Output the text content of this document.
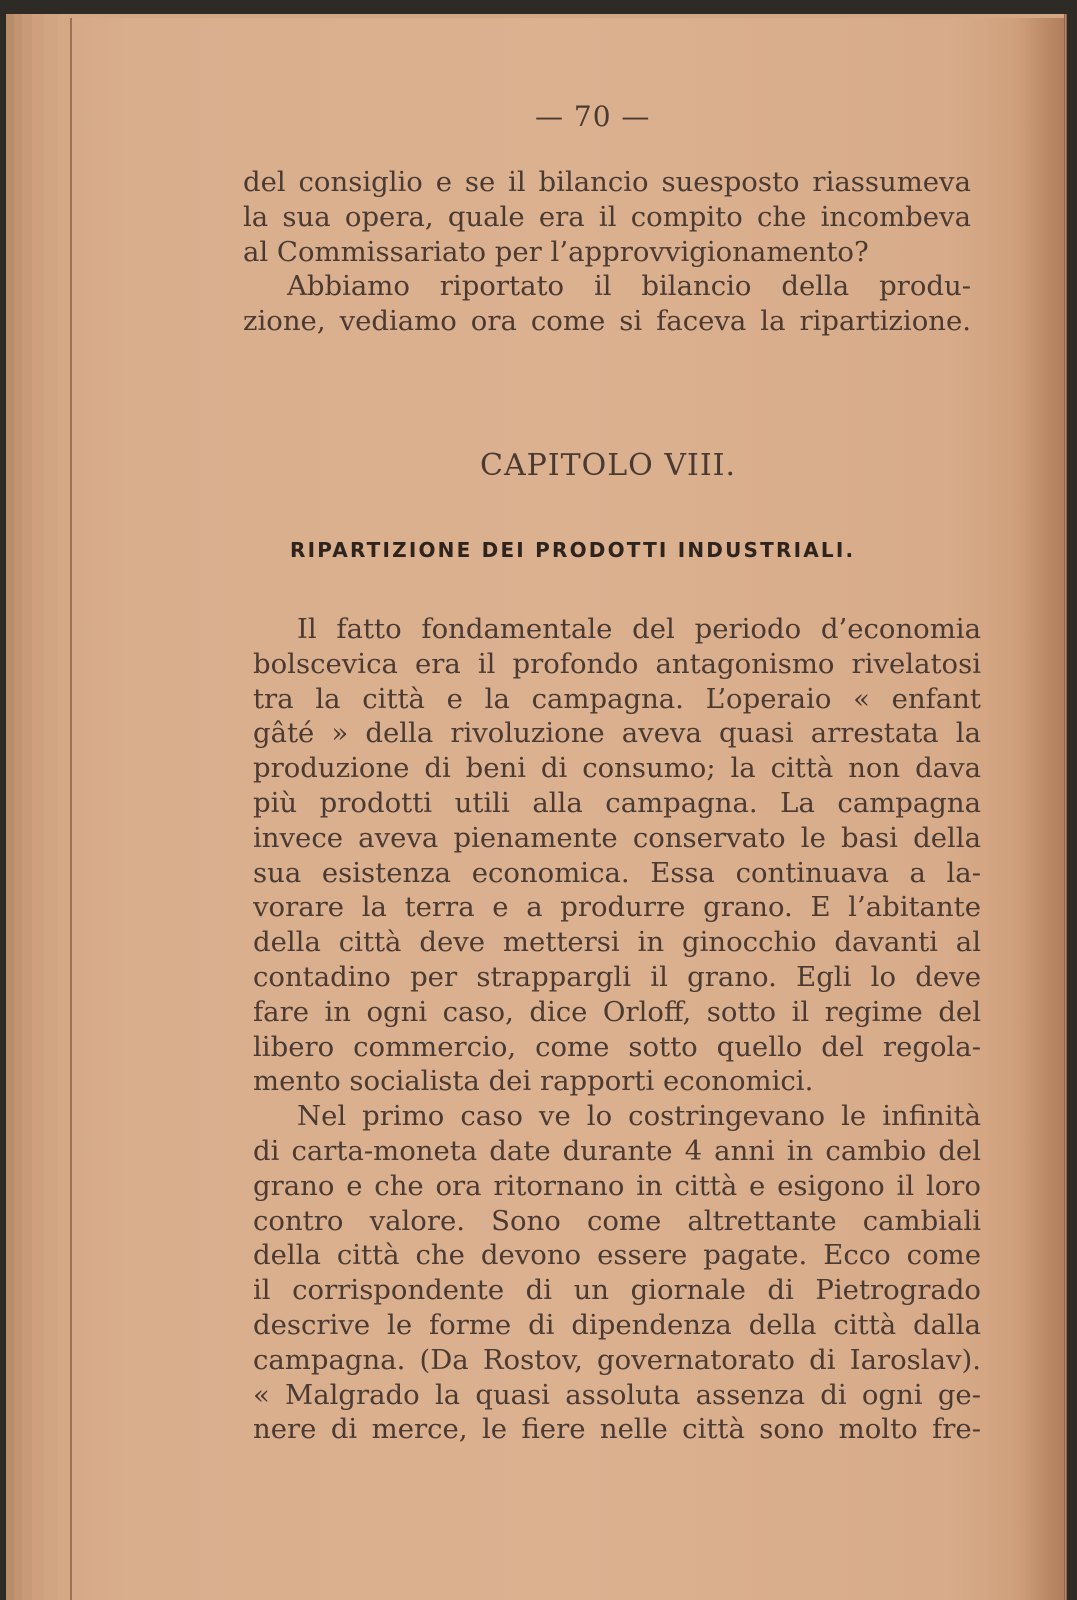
— 70 —
del consiglio e se il bilancio suesposto riassumeva
la sua opera, quale era il compito che incombeva
al Commissariato per l’approvvigionamento?
Abbiamo riportato il bilancio della produ-
zione, vediamo ora come si faceva la ripartizione.
CAPITOLO VIII.
RIPARTIZIONE DEI PRODOTTI INDUSTRIALI.
Il fatto fondamentale del periodo d’economia
bolscevica era il profondo antagonismo rivelatosi
tra la città e la campagna. L’operaio « enfant
gâté » della rivoluzione aveva quasi arrestata la
produzione di beni di consumo; la città non dava
più prodotti utili alla campagna. La campagna
invece aveva pienamente conservato le basi della
sua esistenza economica. Essa continuava a la-
vorare la terra e a produrre grano. E l’abitante
della città deve mettersi in ginocchio davanti al
contadino per strappargli il grano. Egli lo deve
fare in ogni caso, dice Orloff, sotto il regime del
libero commercio, come sotto quello del regola-
mento socialista dei rapporti economici.
Nel primo caso ve lo costringevano le infinità
di carta-moneta date durante 4 anni in cambio del
grano e che ora ritornano in città e esigono il loro
contro valore. Sono come altrettante cambiali
della città che devono essere pagate. Ecco come
il corrispondente di un giornale di Pietrogrado
descrive le forme di dipendenza della città dalla
campagna. (Da Rostov, governatorato di Iaroslav).
« Malgrado la quasi assoluta assenza di ogni ge-
nere di merce, le fiere nelle città sono molto fre-
